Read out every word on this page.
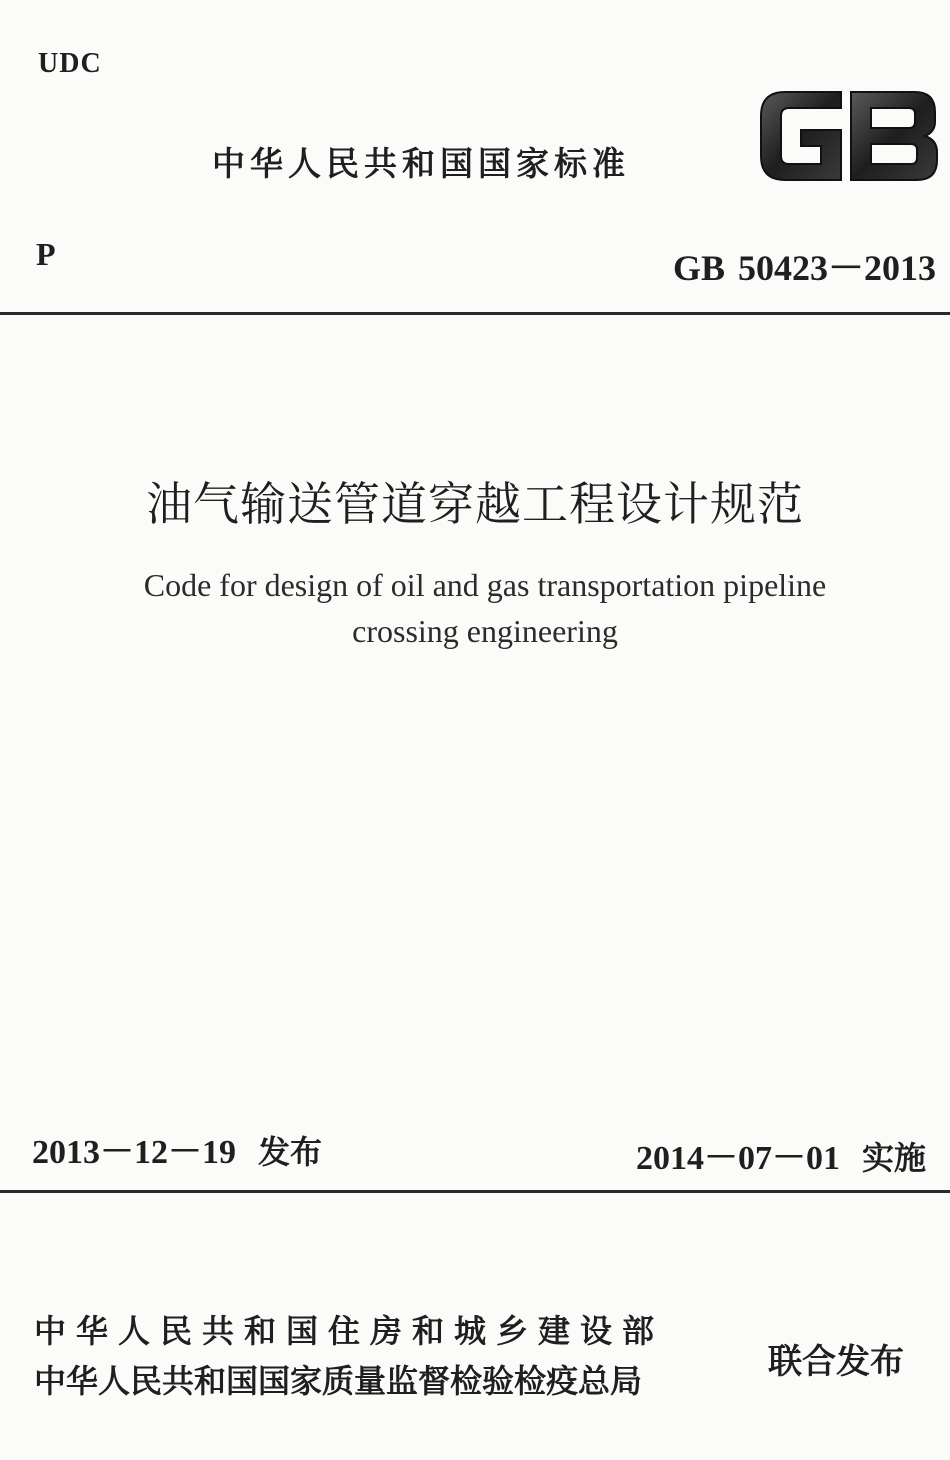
UDC
中华人民共和国国家标准
P	GB 50423－2013
油气输送管道穿越工程设计规范
Code for design of oil and gas transportation pipeline
crossing engineering
2013－12－19 发布	2014－07－01 实施
中华人民共和国住房和城乡建设部
中华人民共和国国家质量监督检验检疫总局	联合发布
